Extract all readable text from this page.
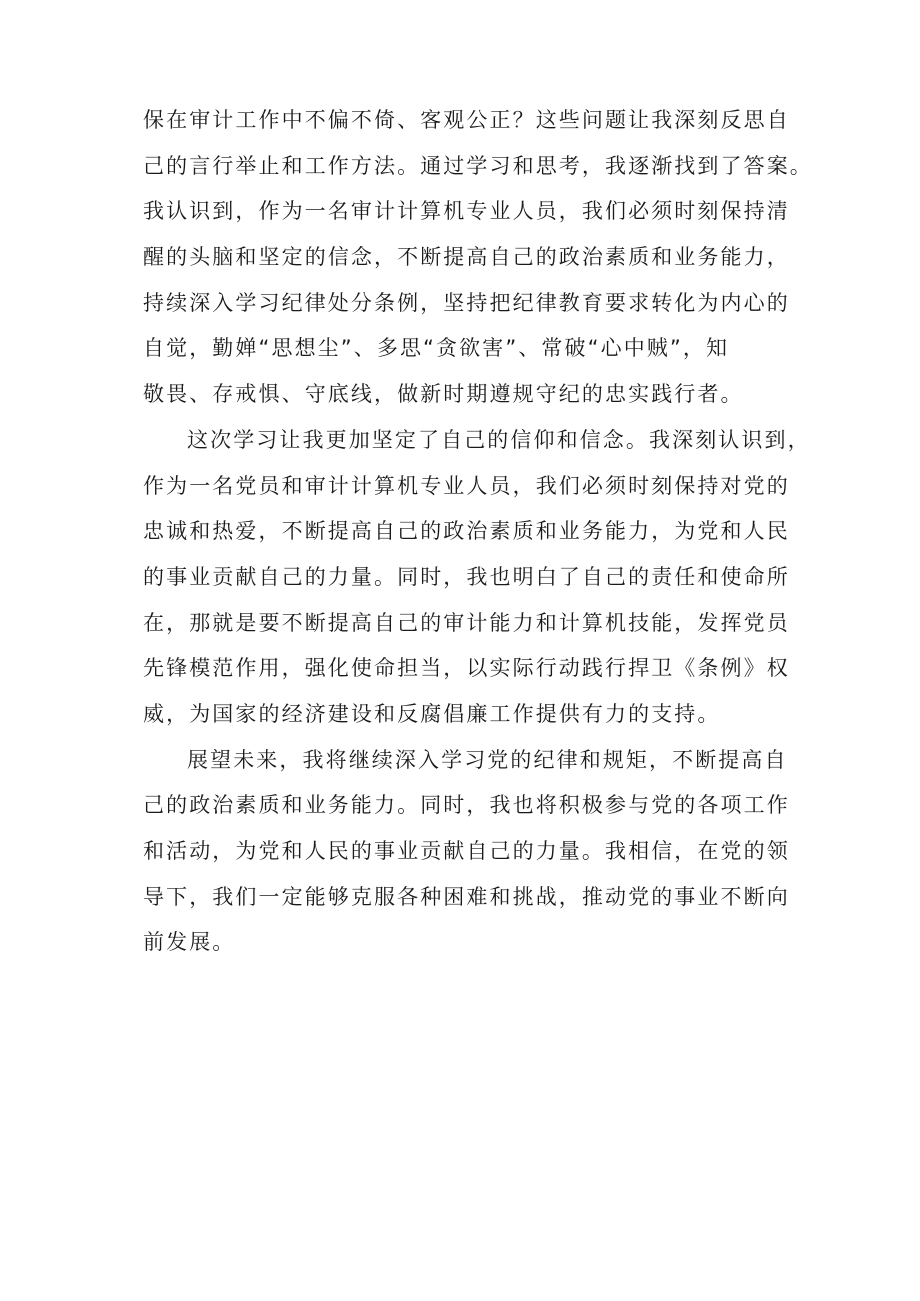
保在审计工作中不偏不倚、客观公正？这些问题让我深刻反思自
己的言行举止和工作方法。通过学习和思考，我逐渐找到了答案。
我认识到，作为一名审计计算机专业人员，我们必须时刻保持清
醒的头脑和坚定的信念，不断提高自己的政治素质和业务能力，
持续深入学习纪律处分条例，坚持把纪律教育要求转化为内心的
自觉，勤婵“思想尘”、多思“贪欲害”、常破“心中贼”，知
敬畏、存戒惧、守底线，做新时期遵规守纪的忠实践行者。
这次学习让我更加坚定了自己的信仰和信念。我深刻认识到，
作为一名党员和审计计算机专业人员，我们必须时刻保持对党的
忠诚和热爱，不断提高自己的政治素质和业务能力，为党和人民
的事业贡献自己的力量。同时，我也明白了自己的责任和使命所
在，那就是要不断提高自己的审计能力和计算机技能，发挥党员
先锋模范作用，强化使命担当，以实际行动践行捍卫《条例》权
威，为国家的经济建设和反腐倡廉工作提供有力的支持。
展望未来，我将继续深入学习党的纪律和规矩，不断提高自
己的政治素质和业务能力。同时，我也将积极参与党的各项工作
和活动，为党和人民的事业贡献自己的力量。我相信，在党的领
导下，我们一定能够克服各种困难和挑战，推动党的事业不断向
前发展。
